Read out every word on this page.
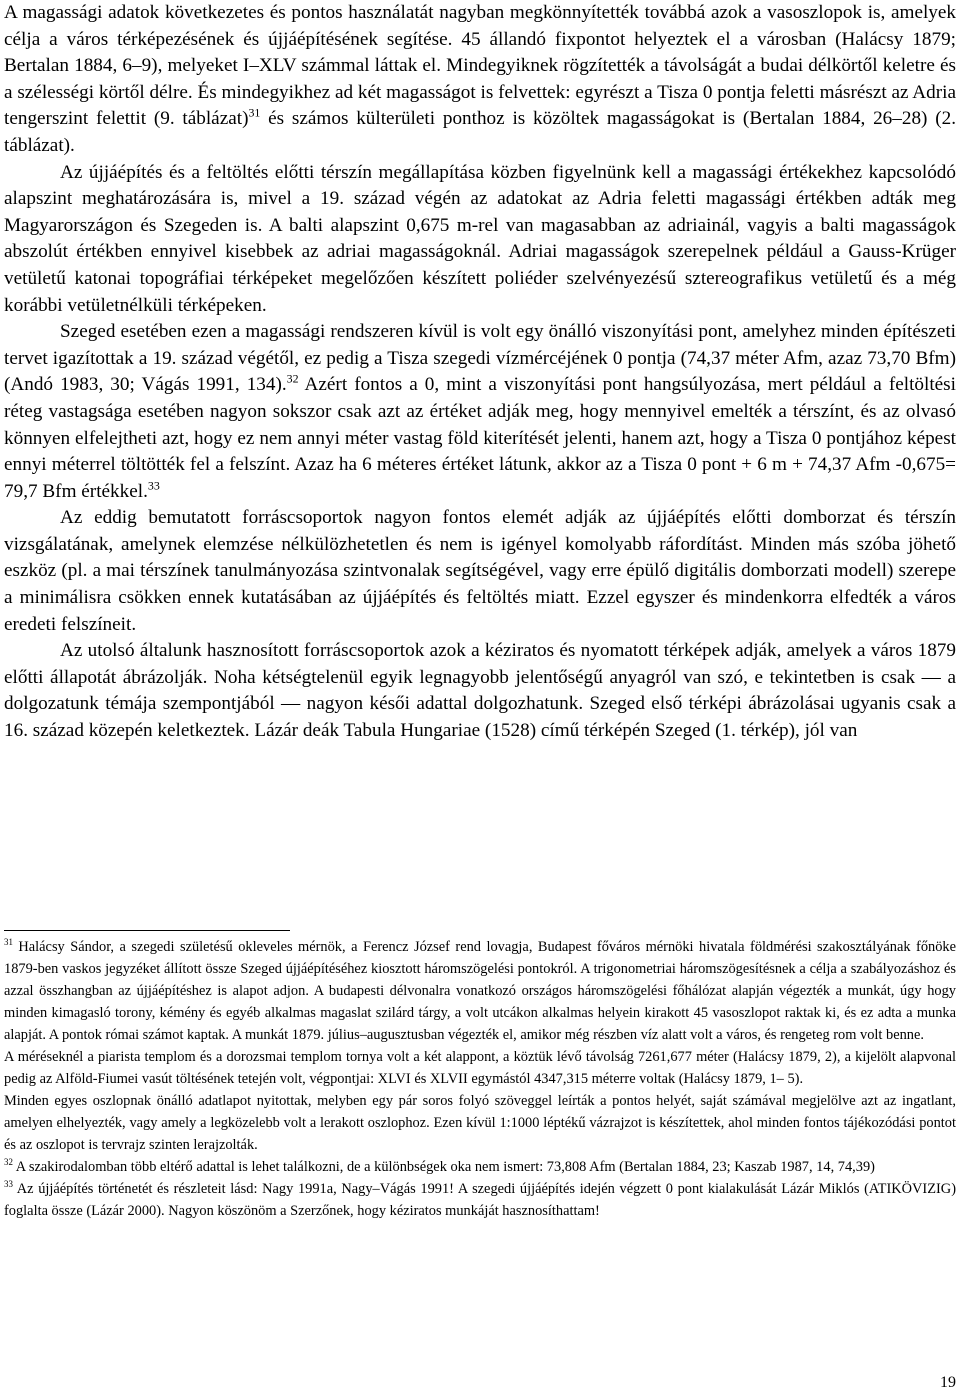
A magassági adatok következetes és pontos használatát nagyban megkönnyítették továbbá azok a vasoszlopok is, amelyek célja a város térképezésének és újjáépítésének segítése. 45 állandó fixpontot helyeztek el a városban (Halácsy 1879; Bertalan 1884, 6–9), melyeket I–XLV számmal láttak el. Mindegyiknek rögzítették a távolságát a budai délkörtől keletre és a szélességi körtől délre. És mindegyikhez ad két magasságot is felvettek: egyrészt a Tisza 0 pontja feletti másrészt az Adria tengerszint felettit (9. táblázat)$^{31}$ és számos külterületi ponthoz is közöltek magasságokat is (Bertalan 1884, 26–28) (2. táblázat).

Az újjáépítés és a feltöltés előtti térszín megállapítása közben figyelnünk kell a magassági értékekhez kapcsolódó alapszint meghatározására is, mivel a 19. század végén az adatokat az Adria feletti magassági értékben adták meg Magyarországon és Szegeden is. A balti alapszint 0,675 m-rel van magasabban az adriainál, vagyis a balti magasságok abszolút értékben ennyivel kisebbek az adriai magasságoknál. Adriai magasságok szerepelnek például a Gauss-Krüger vetületű katonai topográfiai térképeket megelőzően készített poliéder szelvényezésű sztereografikus vetületű és a még korábbi vetületnélküli térképeken.

Szeged esetében ezen a magassági rendszeren kívül is volt egy önálló viszonyítási pont, amelyhez minden építészeti tervet igazítottak a 19. század végétől, ez pedig a Tisza szegedi vízmércéjének 0 pontja (74,37 méter Afm, azaz 73,70 Bfm) (Andó 1983, 30; Vágás 1991, 134).$^{32}$ Azért fontos a 0, mint a viszonyítási pont hangsúlyozása, mert például a feltöltési réteg vastagsága esetében nagyon sokszor csak azt az értéket adják meg, hogy mennyivel emelték a térszínt, és az olvasó könnyen elfelejtheti azt, hogy ez nem annyi méter vastag föld kiterítését jelenti, hanem azt, hogy a Tisza 0 pontjához képest ennyi méterrel töltötték fel a felszínt. Azaz ha 6 méteres értéket látunk, akkor az a Tisza 0 pont + 6 m + 74,37 Afm -0,675= 79,7 Bfm értékkel.$^{33}$

Az eddig bemutatott forráscsoportok nagyon fontos elemét adják az újjáépítés előtti domborzat és térszín vizsgálatának, amelynek elemzése nélkülözhetetlen és nem is igényel komolyabb ráfordítást. Minden más szóba jöhető eszköz (pl. a mai térszínek tanulmányozása szintvonalak segítségével, vagy erre épülő digitális domborzati modell) szerepe a minimálisra csökken ennek kutatásában az újjáépítés és feltöltés miatt. Ezzel egyszer és mindenkorra elfedték a város eredeti felszíneit.

Az utolsó általunk hasznosított forráscsoportok azok a kéziratos és nyomatott térképek adják, amelyek a város 1879 előtti állapotát ábrázolják. Noha kétségtelenül egyik legnagyobb jelentőségű anyagról van szó, e tekintetben is csak — a dolgozatunk témája szempontjából — nagyon késői adattal dolgozhatunk. Szeged első térképi ábrázolásai ugyanis csak a 16. század közepén keletkeztek. Lázár deák Tabula Hungariae (1528) című térképén Szeged (1. térkép), jól van

$^{31}$ Halácsy Sándor, a szegedi születésű okleveles mérnök, a Ferencz József rend lovagja, Budapest főváros mérnöki hivatala földmérési szakosztályának főnöke 1879-ben vaskos jegyzéket állított össze Szeged újjáépítéséhez kiosztott háromszögelési pontokról. A trigonometriai háromszögesítésnek a célja a szabályozáshoz és azzal összhangban az újjáépítéshez is alapot adjon. A budapesti délvonalra vonatkozó országos háromszögelési főhálózat alapján végezték a munkát, úgy hogy minden kimagasló torony, kémény és egyéb alkalmas magaslat szilárd tárgy, a volt utcákon alkalmas helyein kirakott 45 vasoszlopot raktak ki, és ez adta a munka alapját. A pontok római számot kaptak. A munkát 1879. július–augusztusban végezték el, amikor még részben víz alatt volt a város, és rengeteg rom volt benne.

A méréseknél a piarista templom és a dorozsmai templom tornya volt a két alappont, a köztük lévő távolság 7261,677 méter (Halácsy 1879, 2), a kijelölt alapvonal pedig az Alföld-Fiumei vasút töltésének tetején volt, végpontjai: XLVI és XLVII egymástól 4347,315 méterre voltak (Halácsy 1879, 1– 5).

Minden egyes oszlopnak önálló adatlapot nyitottak, melyben egy pár soros folyó szöveggel leírták a pontos helyét, saját számával megjelölve azt az ingatlant, amelyen elhelyezték, vagy amely a legközelebb volt a lerakott oszlophoz. Ezen kívül 1:1000 léptékű vázrajzot is készítettek, ahol minden fontos tájékozódási pontot és az oszlopot is tervrajz szinten lerajzolták.

$^{32}$ A szakirodalomban több eltérő adattal is lehet találkozni, de a különbségek oka nem ismert: 73,808 Afm (Bertalan 1884, 23; Kaszab 1987, 14, 74,39)

$^{33}$ Az újjáépítés történetét és részleteit lásd: Nagy 1991a, Nagy–Vágás 1991! A szegedi újjáépítés idején végzett 0 pont kialakulását Lázár Miklós (ATIKÖVIZIG) foglalta össze (Lázár 2000). Nagyon köszönöm a Szerzőnek, hogy kéziratos munkáját hasznosíthattam!

19
